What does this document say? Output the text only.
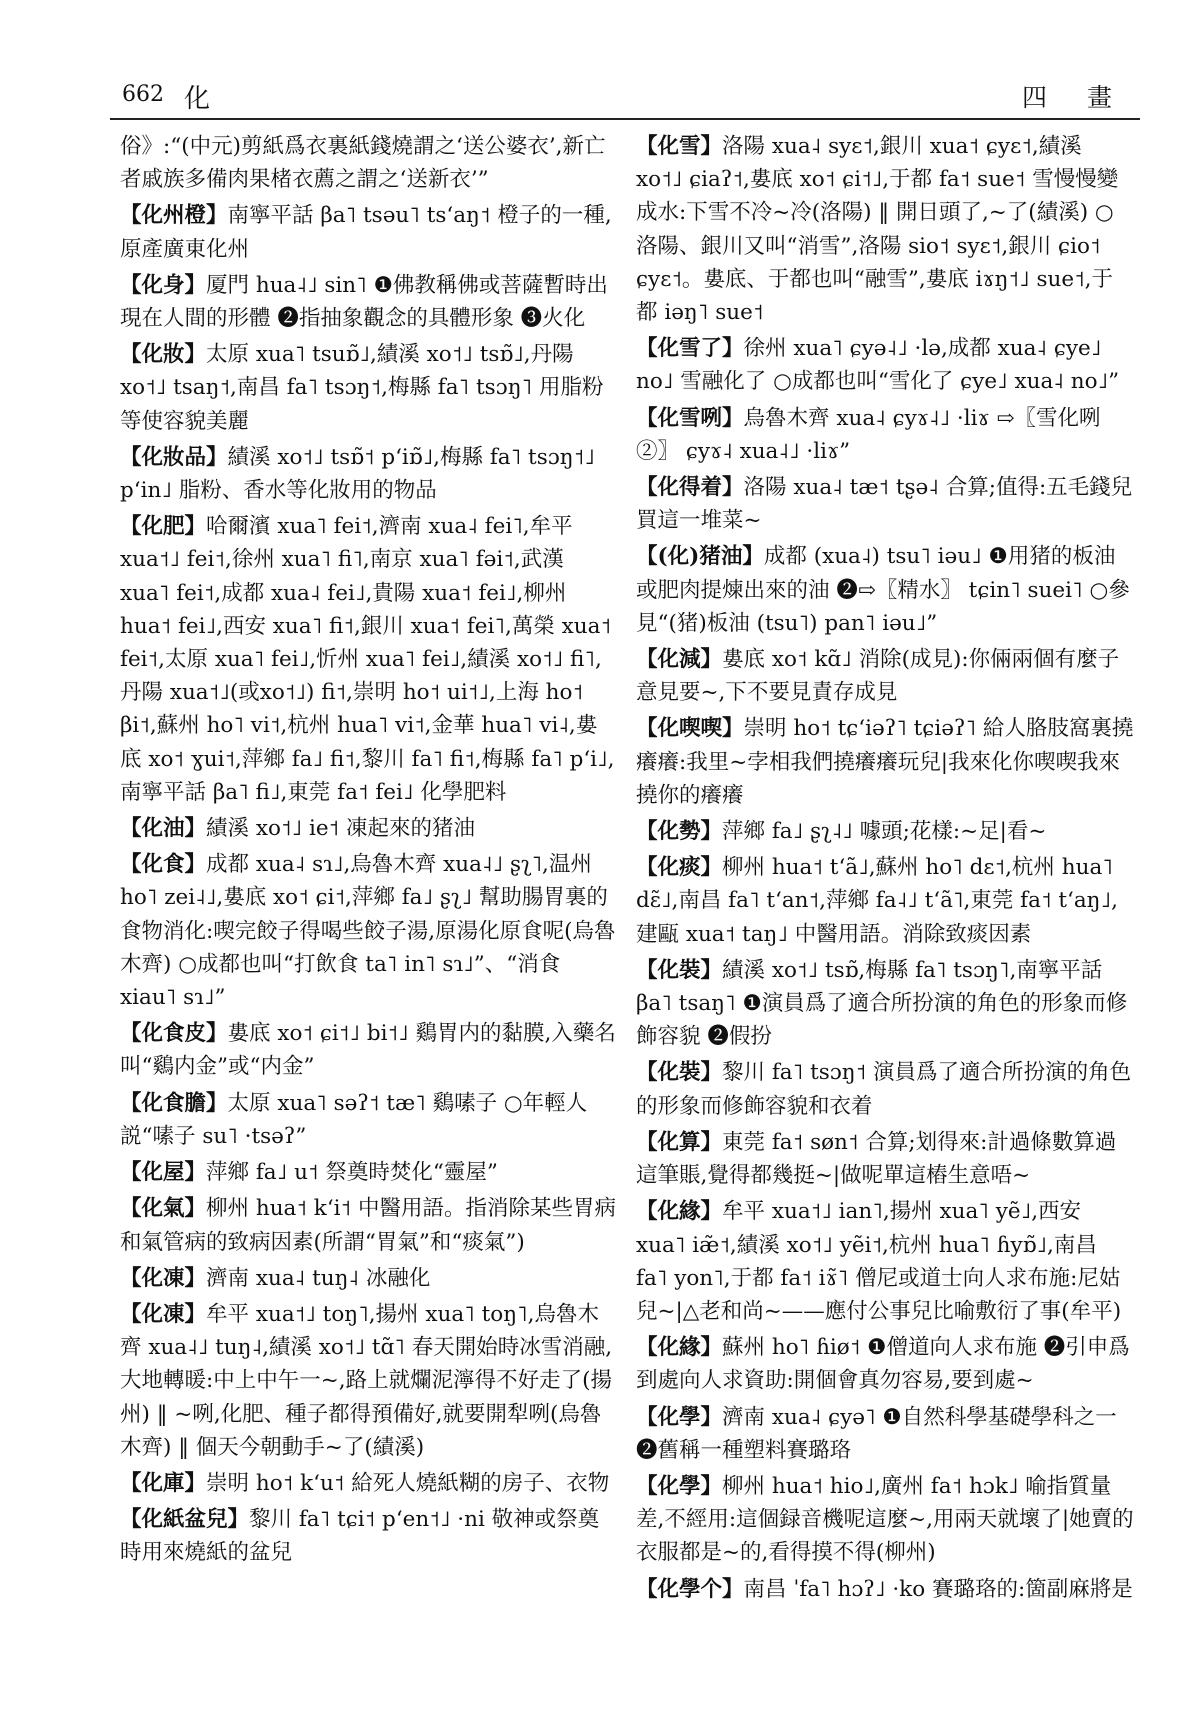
662 化	四 畫
俗》:“(中元)剪紙爲衣裏紙錢燒謂之‘送公婆衣’,新亡者戚族多備肉果楮衣薦之謂之‘送新衣’”
【化州橙】南寧平話 βa˥ tsəu˥ tsʻaŋ˦ 橙子的一種,原產廣東化州
【化身】厦門 hua˨˩ sin˥ ❶佛教稱佛或菩薩暫時出現在人間的形體 ❷指抽象觀念的具體形象 ❸火化
【化妝】太原 xua˥ tsuɒ̃˩,績溪 xo˦˩ tsɒ̃˩,丹陽 xo˦˩ tsaŋ˦,南昌 fa˥ tsɔŋ˦,梅縣 fa˥ tsɔŋ˥ 用脂粉等使容貌美麗
【化妝品】績溪 xo˦˩ tsɒ̃˦ pʻiɒ̃˩,梅縣 fa˥ tsɔŋ˦˩ pʻin˩ 脂粉、香水等化妝用的物品
【化肥】哈爾濱 xua˥ fei˦,濟南 xua˨ fei˥,牟平 xua˦˩ fei˦,徐州 xua˥ fi˥,南京 xua˥ fəi˦,武漢 xua˥ fei˦,成都 xua˨ fei˩,貴陽 xua˦ fei˩,柳州 hua˦ fei˩,西安 xua˥ fi˦,銀川 xua˦ fei˥,萬榮 xua˦ fei˦,太原 xua˥ fei˩,忻州 xua˥ fei˩,績溪 xo˦˩ fi˥,丹陽 xua˦˩(或xo˦˩) fi˦,崇明 ho˦ ui˦˩,上海 ho˦ βi˦,蘇州 ho˥ vi˦,杭州 hua˥ vi˦,金華 hua˥ vi˨,婁底 xo˦ ɣui˦,萍鄉 fa˩ fi˦,黎川 fa˥ fi˦,梅縣 fa˥ pʻi˩,南寧平話 βa˥ fi˩,東莞 fa˦ fei˩ 化學肥料
【化油】績溪 xo˦˩ ie˦ 凍起來的猪油
【化食】成都 xua˨ sɿ˩,烏魯木齊 xua˨˩ ʂʅ˥,温州 ho˥ zei˨˩,婁底 xo˦ ɕi˦,萍鄉 fa˩ ʂʅ˩ 幫助腸胃裏的食物消化:喫完餃子得喝些餃子湯,原湯化原食呢(烏魯木齊) ○成都也叫“打飲食 ta˥ in˥ sɿ˩”、“消食 xiau˥ sɿ˩”
【化食皮】婁底 xo˦ ɕi˦˩ bi˦˩ 鷄胃内的黏膜,入藥名叫“鷄内金”或“内金”
【化食膽】太原 xua˥ səʔ˦ tæ˥ 鷄嗉子 ○年輕人説“嗉子 su˥ ·tsəʔ”
【化屋】萍鄉 fa˩ u˦ 祭奠時焚化“靈屋”
【化氣】柳州 hua˦ kʻi˦ 中醫用語。指消除某些胃病和氣管病的致病因素(所謂“胃氣”和“痰氣”)
【化凍】濟南 xua˨ tuŋ˨ 冰融化
【化凍】牟平 xua˦˩ toŋ˥,揚州 xua˥ toŋ˥,烏魯木齊 xua˨˩ tuŋ˨,績溪 xo˦˩ tɑ̃˥ 春天開始時冰雪消融,大地轉暖:中上中午一~,路上就爛泥濘得不好走了(揚州) ‖ ~咧,化肥、種子都得預備好,就要開犁咧(烏魯木齊) ‖ 個天今朝動手~了(績溪)
【化庫】崇明 ho˦ kʻu˦ 給死人燒紙糊的房子、衣物
【化紙盆兒】黎川 fa˥ tɕi˦ pʻen˦˩ ·ni 敬神或祭奠時用來燒紙的盆兒
【化雪】洛陽 xua˨ syɛ˦,銀川 xua˦ ɕyɛ˦,績溪 xo˦˩ ɕiaʔ˦,婁底 xo˦ ɕi˦˩,于都 fa˦ sue˦ 雪慢慢變成水:下雪不冷~冷(洛陽) ‖ 開日頭了,~了(績溪) ○洛陽、銀川又叫“消雪”,洛陽 sio˦ syɛ˦,銀川 ɕio˦ ɕyɛ˦。婁底、于都也叫“融雪”,婁底 iɤŋ˦˩ sue˦,于都 iəŋ˥ sue˦
【化雪了】徐州 xua˥ ɕyə˨˩ ·lə,成都 xua˨ ɕye˩ no˩ 雪融化了 ○成都也叫“雪化了 ɕye˩ xua˨ no˩”
【化雪咧】烏魯木齊 xua˨ ɕyɤ˨˩ ·liɤ ⇨〖雪化咧②〗 ɕyɤ˨ xua˨˩ ·liɤ”
【化得着】洛陽 xua˨ tæ˦ tʂə˨ 合算;值得:五毛錢兒買這一堆菜~
【(化)猪油】成都 (xua˨) tsu˥ iəu˩ ❶用猪的板油或肥肉提煉出來的油 ❷⇨〖精水〗 tɕin˥ suei˥ ○參見“(猪)板油 (tsu˥) pan˥ iəu˩”
【化減】婁底 xo˦ kɑ̃˩ 消除(成見):你倆兩個有麼子意見要~,下不要見責存成見
【化喫喫】崇明 ho˦ tɕʻiəʔ˥ tɕiəʔ˥ 給人胳肢窩裏撓癢癢:我里~孛相我們撓癢癢玩兒|我來化你喫喫我來撓你的癢癢
【化勢】萍鄉 fa˩ ʂʅ˨˩ 噱頭;花樣:~足|看~
【化痰】柳州 hua˦ tʻã˩,蘇州 ho˥ dɛ˦,杭州 hua˥ dɛ̃˩,南昌 fa˥ tʻan˦,萍鄉 fa˨˩ tʻã˥,東莞 fa˦ tʻaŋ˩,建甌 xua˦ taŋ˩ 中醫用語。消除致痰因素
【化裝】績溪 xo˦˩ tsɒ̃,梅縣 fa˥ tsɔŋ˥,南寧平話 βa˥ tsaŋ˥ ❶演員爲了適合所扮演的角色的形象而修飾容貌 ❷假扮
【化裝】黎川 fa˥ tsɔŋ˦ 演員爲了適合所扮演的角色的形象而修飾容貌和衣着
【化算】東莞 fa˦ søn˦ 合算;划得來:計過條數算過這筆賬,覺得都幾挺~|做呢單這樁生意唔~
【化緣】牟平 xua˦˩ ian˥,揚州 xua˥ yẽ˩,西安 xua˥ iæ̃˦,績溪 xo˦˩ yẽi˦,杭州 hua˥ ɦyɒ̃˩,南昌 fa˥ yon˥,于都 fa˦ iɤ̃˥ 僧尼或道士向人求布施:尼姑兒~|△老和尚~——應付公事兒比喻敷衍了事(牟平)
【化緣】蘇州 ho˥ ɦiø˦ ❶僧道向人求布施 ❷引申爲到處向人求資助:開個會真勿容易,要到處~
【化學】濟南 xua˨ ɕyə˥ ❶自然科學基礎學科之一 ❷舊稱一種塑料賽璐珞
【化學】柳州 hua˦ hio˩,廣州 fa˦ hɔk˩ 喻指質量差,不經用:這個録音機呢這麼~,用兩天就壞了|她賣的衣服都是~的,看得摸不得(柳州)
【化學个】南昌 ˈfa˥ hɔʔ˩ ·ko 賽璐珞的:箇副麻將是
